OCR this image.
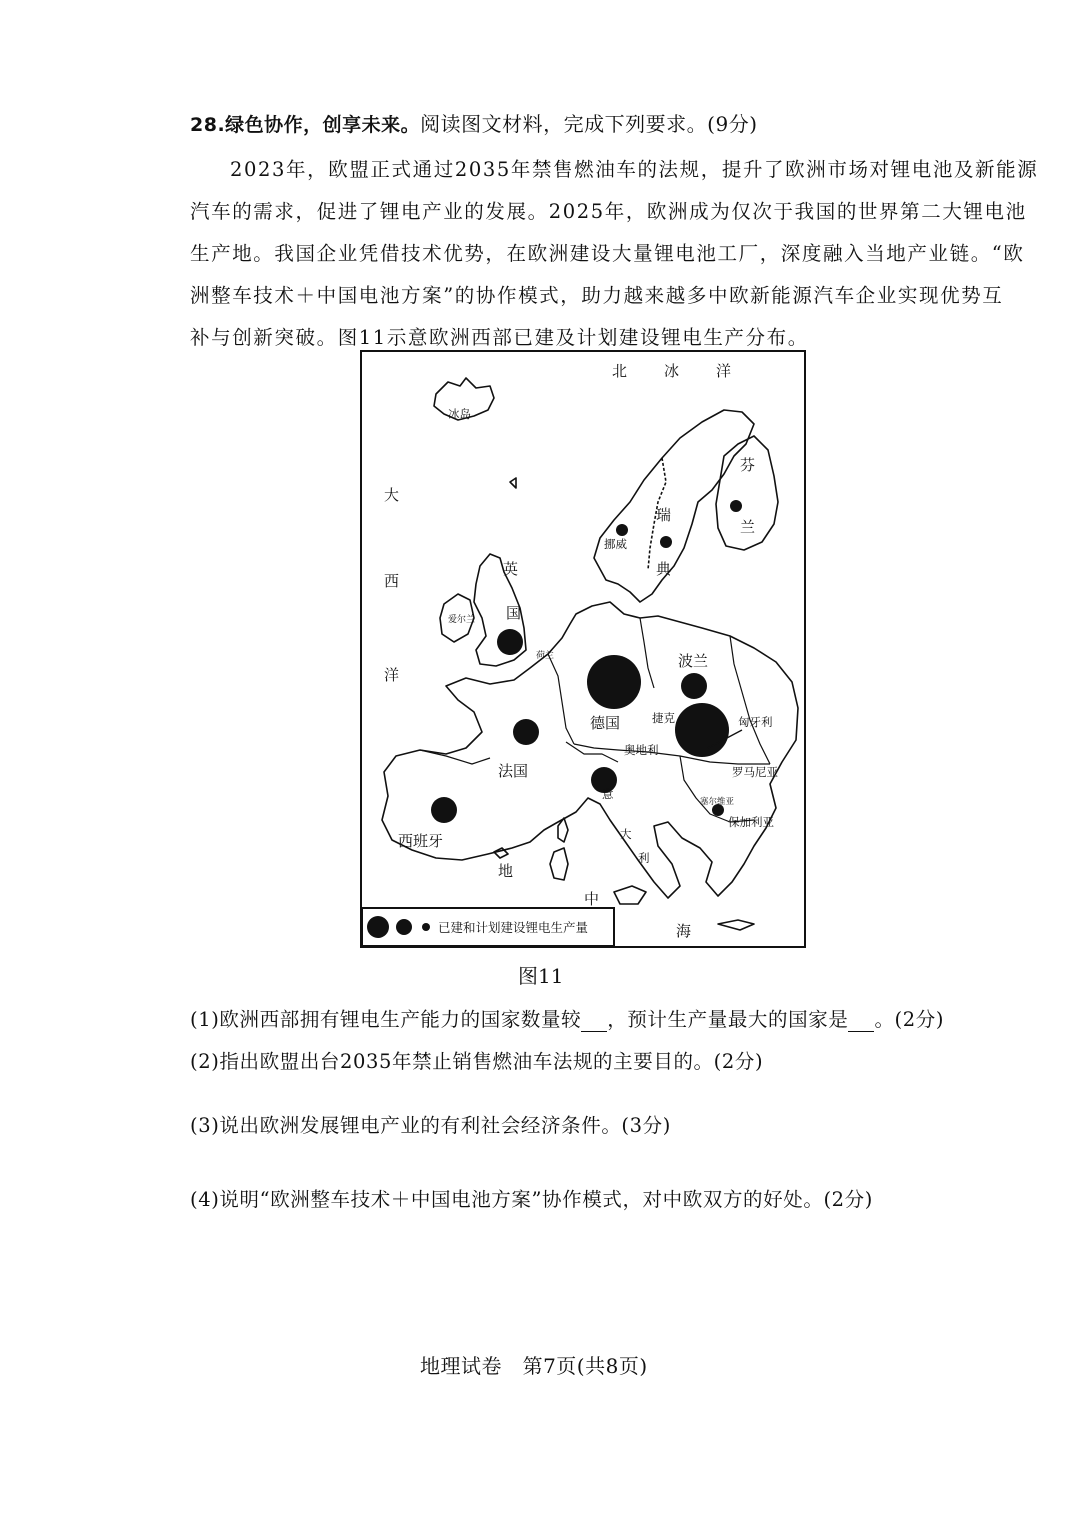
28.绿色协作，创享未来。阅读图文材料，完成下列要求。(9分)
2023年，欧盟正式通过2035年禁售燃油车的法规，提升了欧洲市场对锂电池及新能源
汽车的需求，促进了锂电产业的发展。2025年，欧洲成为仅次于我国的世界第二大锂电池
生产地。我国企业凭借技术优势，在欧洲建设大量锂电池工厂，深度融入当地产业链。“欧
洲整车技术＋中国电池方案”的协作模式，助力越来越多中欧新能源汽车企业实现优势互
补与创新突破。图11示意欧洲西部已建及计划建设锂电生产分布。
北 冰 洋
大
西
洋
芬
兰
瑞
典
英
国
波兰
德国
法国
西班牙
地
中
海
冰岛
挪威
爱尔兰
荷兰
捷克	匈牙利
奥地利
罗马尼亚
塞尔维亚
保加利亚
意
大
利
已建和计划建设锂电生产量
图11
(1)欧洲西部拥有锂电生产能力的国家数量较 ，预计生产量最大的国家是 。(2分)
(2)指出欧盟出台2035年禁止销售燃油车法规的主要目的。(2分)
(3)说出欧洲发展锂电产业的有利社会经济条件。(3分)
(4)说明“欧洲整车技术＋中国电池方案”协作模式，对中欧双方的好处。(2分)
地理试卷 第7页(共8页)
